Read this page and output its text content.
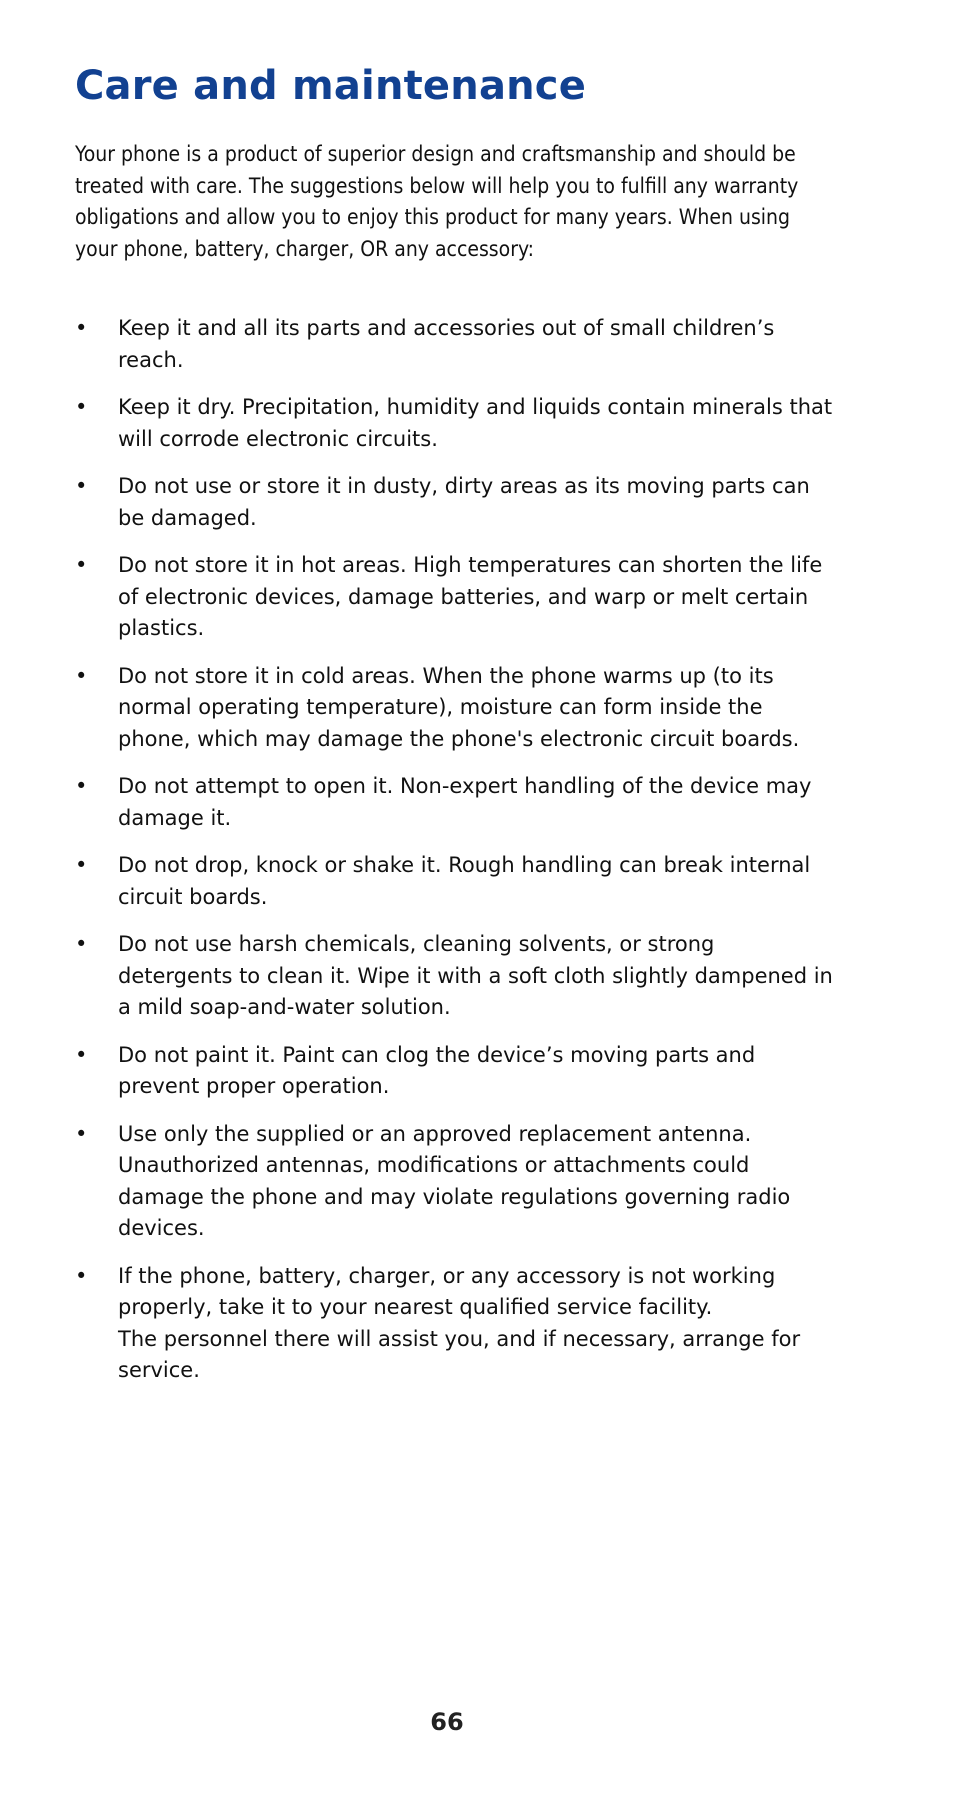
Care and maintenance

Your phone is a product of superior design and craftsmanship and should be treated with care. The suggestions below will help you to fulfill any warranty obligations and allow you to enjoy this product for many years. When using your phone, battery, charger, OR any accessory:

•	Keep it and all its parts and accessories out of small children’s reach.
•	Keep it dry. Precipitation, humidity and liquids contain minerals that will corrode electronic circuits.
•	Do not use or store it in dusty, dirty areas as its moving parts can be damaged.
•	Do not store it in hot areas. High temperatures can shorten the life of electronic devices, damage batteries, and warp or melt certain plastics.
•	Do not store it in cold areas. When the phone warms up (to its normal operating temperature), moisture can form inside the phone, which may damage the phone's electronic circuit boards.
•	Do not attempt to open it. Non-expert handling of the device may damage it.
•	Do not drop, knock or shake it. Rough handling can break internal circuit boards.
•	Do not use harsh chemicals, cleaning solvents, or strong detergents to clean it. Wipe it with a soft cloth slightly dampened in a mild soap-and-water solution.
•	Do not paint it. Paint can clog the device’s moving parts and prevent proper operation.
•	Use only the supplied or an approved replacement antenna. Unauthorized antennas, modifications or attachments could damage the phone and may violate regulations governing radio devices.
•	If the phone, battery, charger, or any accessory is not working properly, take it to your nearest qualified service facility.
The personnel there will assist you, and if necessary, arrange for service.
66
